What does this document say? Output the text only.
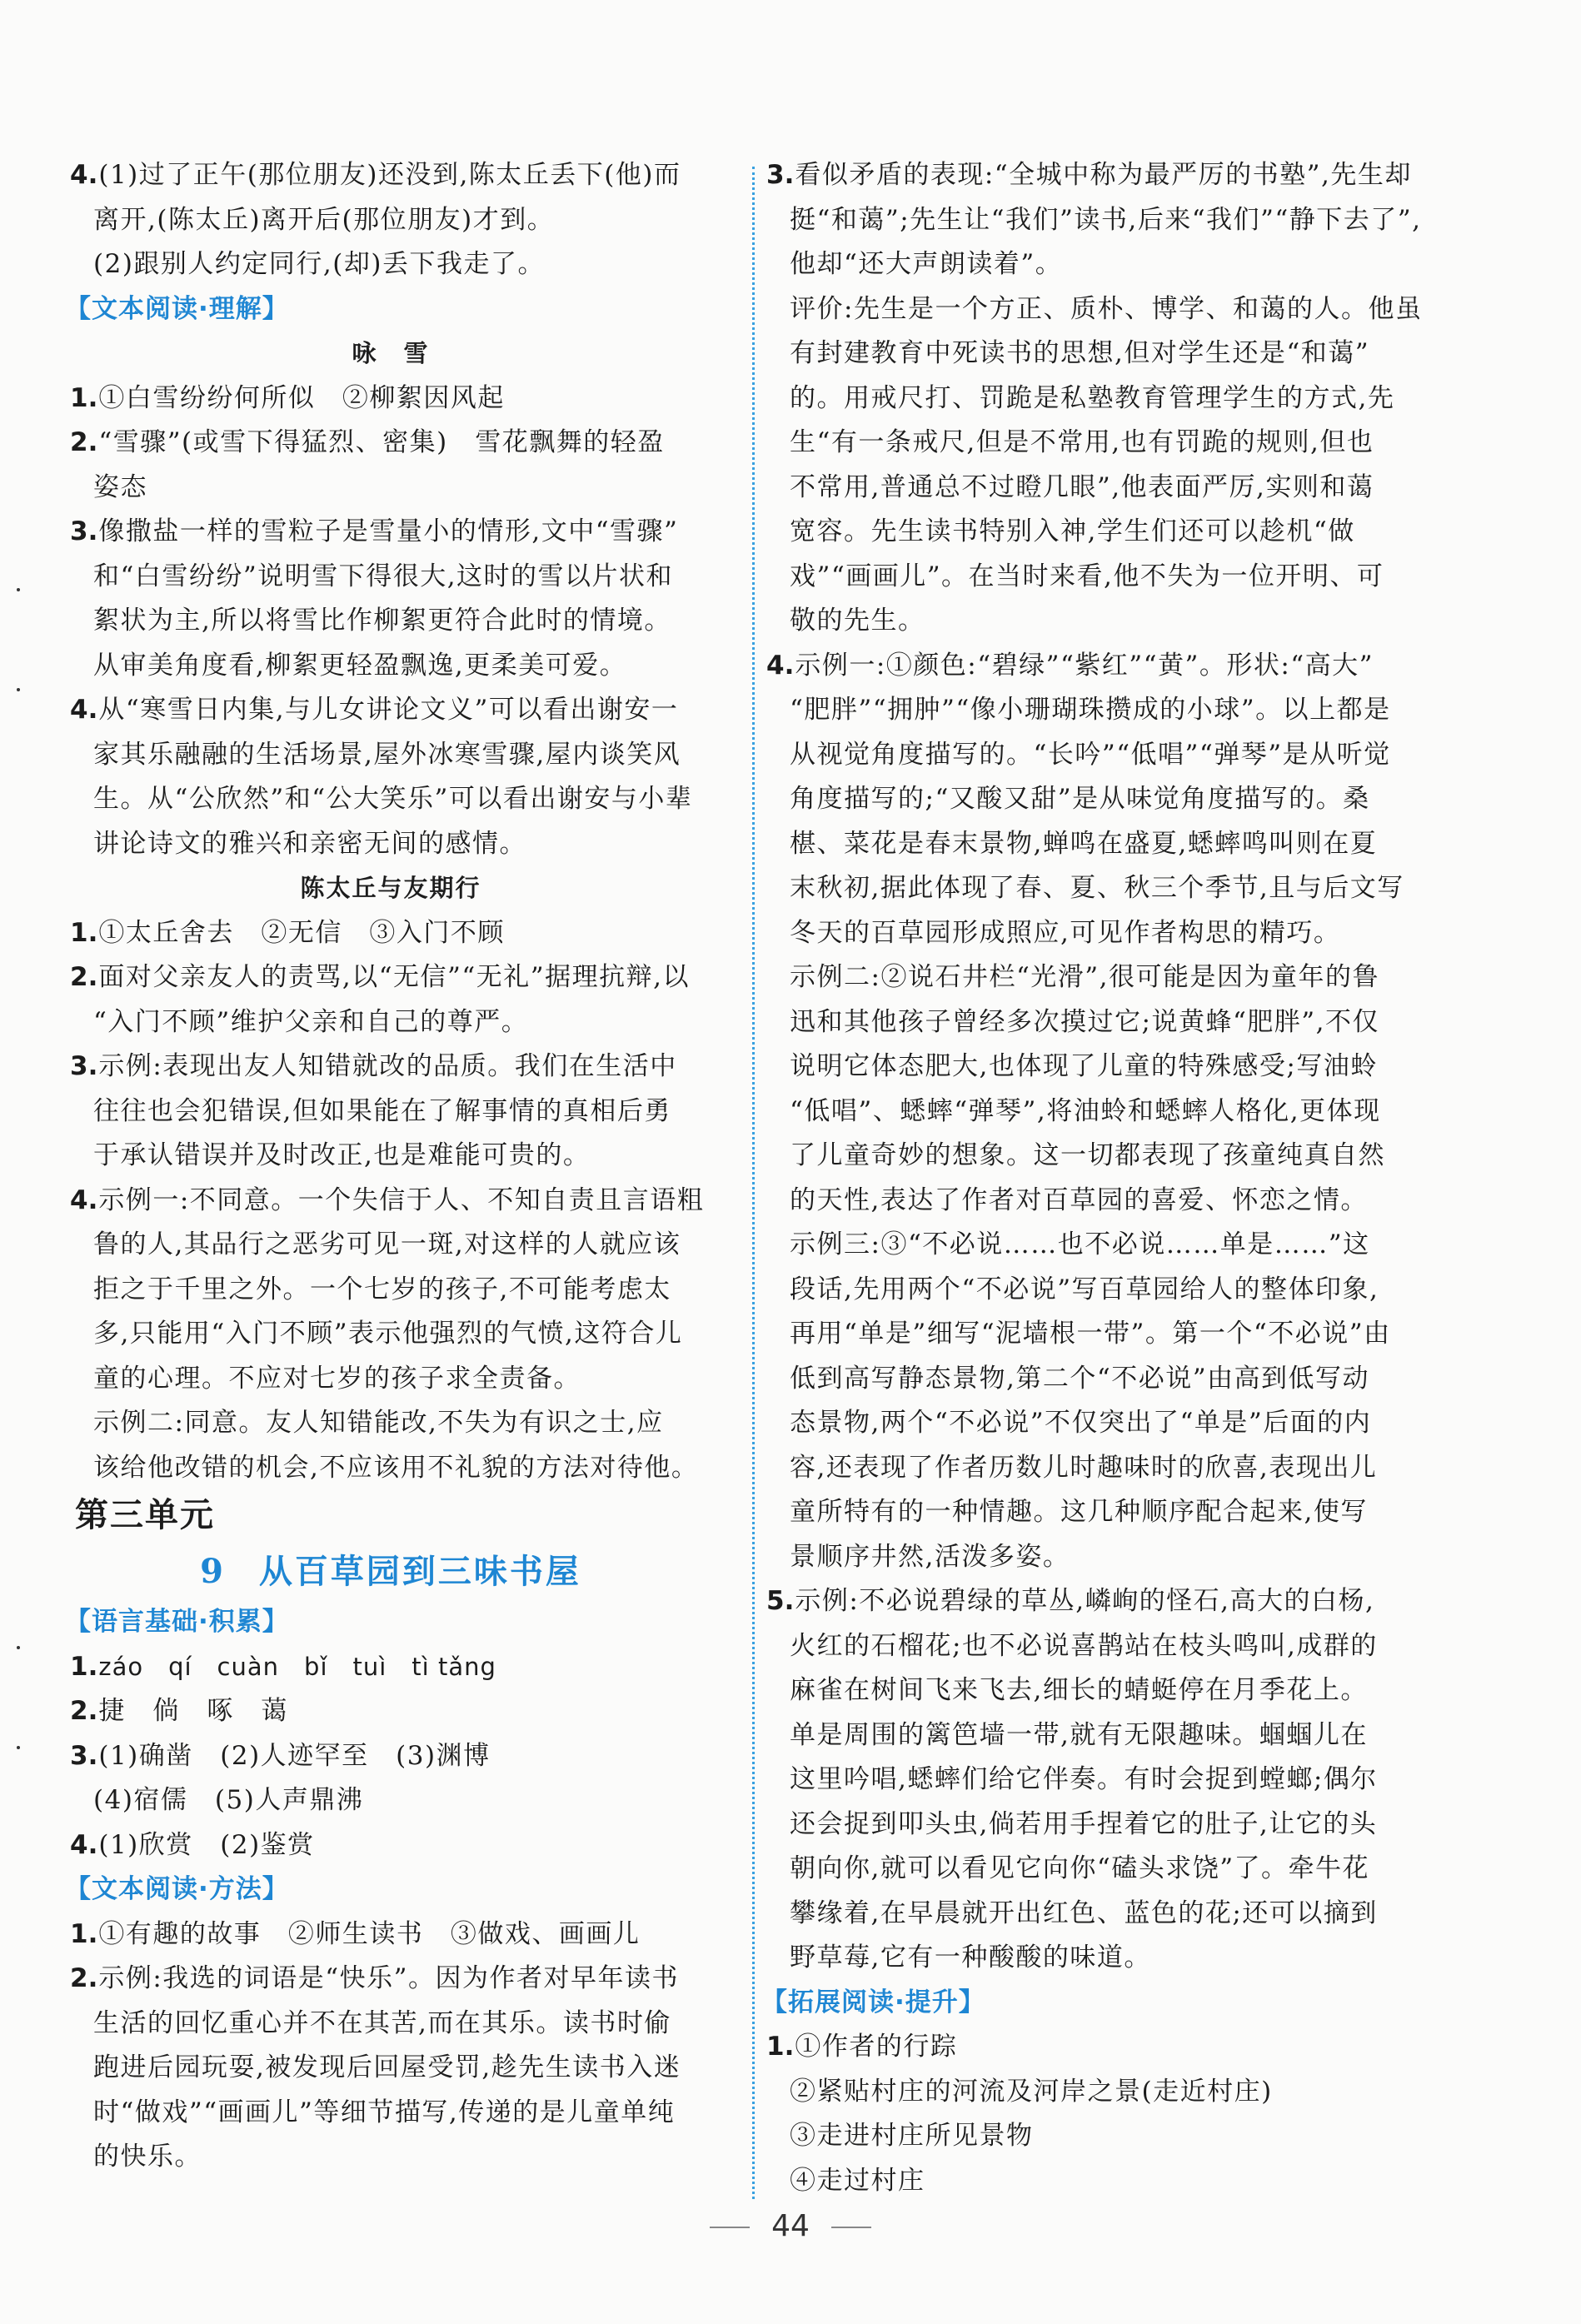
4.(1)过了正午(那位朋友)还没到,陈太丘丢下(他)而
离开,(陈太丘)离开后(那位朋友)才到。
(2)跟别人约定同行,(却)丢下我走了。
【文本阅读·理解】
咏　雪
1.①白雪纷纷何所似　②柳絮因风起
2.“雪骤”(或雪下得猛烈、密集)　雪花飘舞的轻盈
姿态
3.像撒盐一样的雪粒子是雪量小的情形,文中“雪骤”
和“白雪纷纷”说明雪下得很大,这时的雪以片状和
絮状为主,所以将雪比作柳絮更符合此时的情境。
从审美角度看,柳絮更轻盈飘逸,更柔美可爱。
4.从“寒雪日内集,与儿女讲论文义”可以看出谢安一
家其乐融融的生活场景,屋外冰寒雪骤,屋内谈笑风
生。从“公欣然”和“公大笑乐”可以看出谢安与小辈
讲论诗文的雅兴和亲密无间的感情。
陈太丘与友期行
1.①太丘舍去　②无信　③入门不顾
2.面对父亲友人的责骂,以“无信”“无礼”据理抗辩,以
“入门不顾”维护父亲和自己的尊严。
3.示例:表现出友人知错就改的品质。我们在生活中
往往也会犯错误,但如果能在了解事情的真相后勇
于承认错误并及时改正,也是难能可贵的。
4.示例一:不同意。一个失信于人、不知自责且言语粗
鲁的人,其品行之恶劣可见一斑,对这样的人就应该
拒之于千里之外。一个七岁的孩子,不可能考虑太
多,只能用“入门不顾”表示他强烈的气愤,这符合儿
童的心理。不应对七岁的孩子求全责备。
示例二:同意。友人知错能改,不失为有识之士,应
该给他改错的机会,不应该用不礼貌的方法对待他。
第三单元
9 从百草园到三味书屋
【语言基础·积累】
1.záo　qí　cuàn　bǐ　tuì　tì tǎng
2.捷　倘　啄　蔼
3.(1)确凿　(2)人迹罕至　(3)渊博
(4)宿儒　(5)人声鼎沸
4.(1)欣赏　(2)鉴赏
【文本阅读·方法】
1.①有趣的故事　②师生读书　③做戏、画画儿
2.示例:我选的词语是“快乐”。因为作者对早年读书
生活的回忆重心并不在其苦,而在其乐。读书时偷
跑进后园玩耍,被发现后回屋受罚,趁先生读书入迷
时“做戏”“画画儿”等细节描写,传递的是儿童单纯
的快乐。
3.看似矛盾的表现:“全城中称为最严厉的书塾”,先生却
挺“和蔼”;先生让“我们”读书,后来“我们”“静下去了”,
他却“还大声朗读着”。
评价:先生是一个方正、质朴、博学、和蔼的人。他虽
有封建教育中死读书的思想,但对学生还是“和蔼”
的。用戒尺打、罚跪是私塾教育管理学生的方式,先
生“有一条戒尺,但是不常用,也有罚跪的规则,但也
不常用,普通总不过瞪几眼”,他表面严厉,实则和蔼
宽容。先生读书特别入神,学生们还可以趁机“做
戏”“画画儿”。在当时来看,他不失为一位开明、可
敬的先生。
4.示例一:①颜色:“碧绿”“紫红”“黄”。形状:“高大”
“肥胖”“拥肿”“像小珊瑚珠攒成的小球”。以上都是
从视觉角度描写的。“长吟”“低唱”“弹琴”是从听觉
角度描写的;“又酸又甜”是从味觉角度描写的。桑
椹、菜花是春末景物,蝉鸣在盛夏,蟋蟀鸣叫则在夏
末秋初,据此体现了春、夏、秋三个季节,且与后文写
冬天的百草园形成照应,可见作者构思的精巧。
示例二:②说石井栏“光滑”,很可能是因为童年的鲁
迅和其他孩子曾经多次摸过它;说黄蜂“肥胖”,不仅
说明它体态肥大,也体现了儿童的特殊感受;写油蛉
“低唱”、蟋蟀“弹琴”,将油蛉和蟋蟀人格化,更体现
了儿童奇妙的想象。这一切都表现了孩童纯真自然
的天性,表达了作者对百草园的喜爱、怀恋之情。
示例三:③“不必说……也不必说……单是……”这
段话,先用两个“不必说”写百草园给人的整体印象,
再用“单是”细写“泥墙根一带”。第一个“不必说”由
低到高写静态景物,第二个“不必说”由高到低写动
态景物,两个“不必说”不仅突出了“单是”后面的内
容,还表现了作者历数儿时趣味时的欣喜,表现出儿
童所特有的一种情趣。这几种顺序配合起来,使写
景顺序井然,活泼多姿。
5.示例:不必说碧绿的草丛,嶙峋的怪石,高大的白杨,
火红的石榴花;也不必说喜鹊站在枝头鸣叫,成群的
麻雀在树间飞来飞去,细长的蜻蜓停在月季花上。
单是周围的篱笆墙一带,就有无限趣味。蝈蝈儿在
这里吟唱,蟋蟀们给它伴奏。有时会捉到螳螂;偶尔
还会捉到叩头虫,倘若用手捏着它的肚子,让它的头
朝向你,就可以看见它向你“磕头求饶”了。牵牛花
攀缘着,在早晨就开出红色、蓝色的花;还可以摘到
野草莓,它有一种酸酸的味道。
【拓展阅读·提升】
1.①作者的行踪
②紧贴村庄的河流及河岸之景(走近村庄)
③走进村庄所见景物
④走过村庄
44
